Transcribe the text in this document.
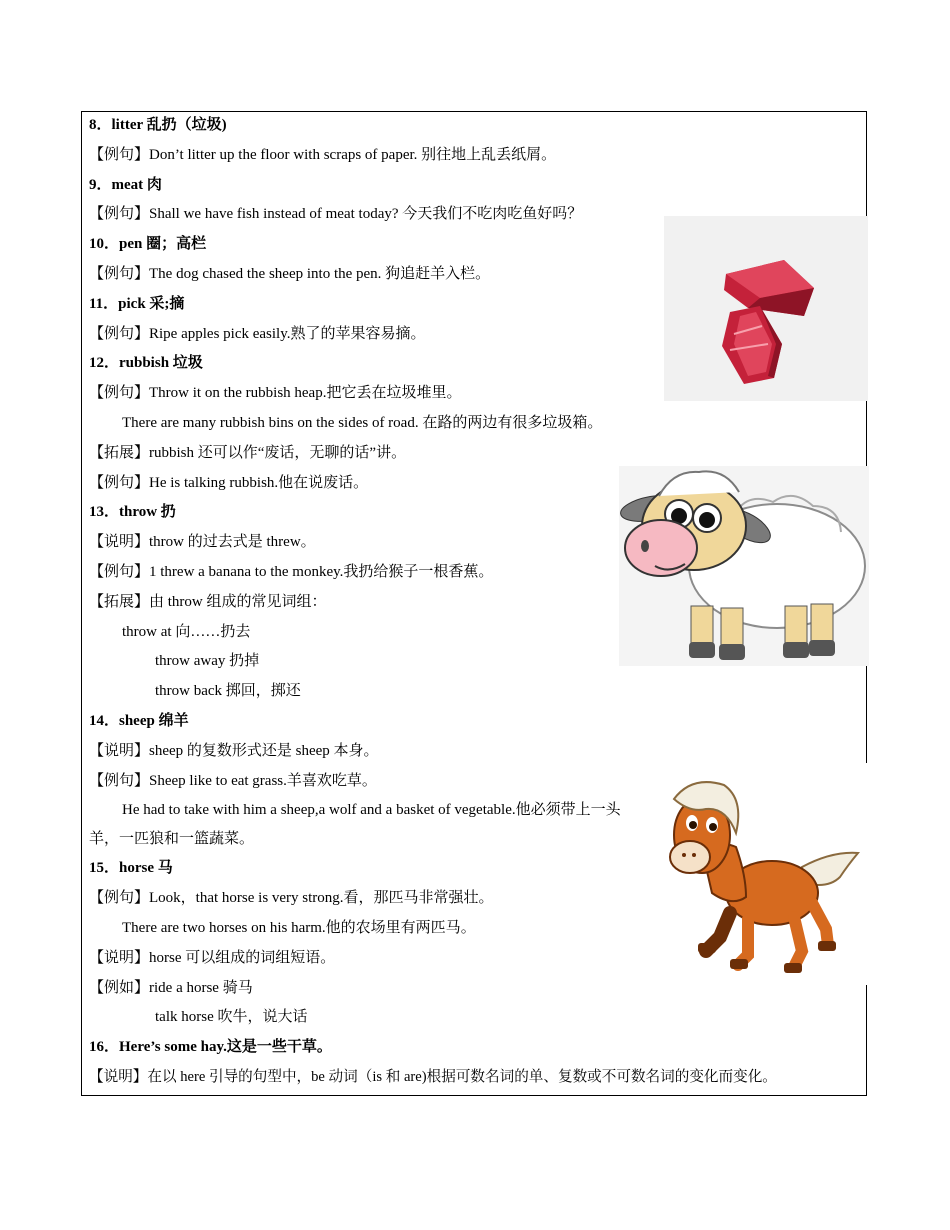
8．litter 乱扔（垃圾)
【例句】Don’t litter up the floor with scraps of paper. 别往地上乱丢纸屑。
9．meat 肉
【例句】Shall we have fish instead of meat today? 今天我们不吃肉吃鱼好吗？
10．pen 圈；高栏
【例句】The dog chased the sheep into the pen. 狗追赶羊入栏。
11．pick 采;摘
【例句】Ripe apples pick easily.熟了的苹果容易摘。
12．rubbish 垃圾
【例句】Throw it on the rubbish heap.把它丢在垃圾堆里。
There are many rubbish bins on the sides of road. 在路的两边有很多垃圾箱。
【拓展】rubbish 还可以作“废话，无聊的话”讲。
【例句】He is talking rubbish.他在说废话。
13．throw 扔
【说明】throw 的过去式是 threw。
【例句】1 threw a banana to the monkey.我扔给猴子一根香蕉。
【拓展】由 throw 组成的常见词组：
throw at 向……扔去
throw away 扔掉
throw back 掷回，掷还
14．sheep 绵羊
【说明】sheep 的复数形式还是 sheep 本身。
【例句】Sheep like to eat grass.羊喜欢吃草。
He had to take with him a sheep,a wolf and a basket of vegetable.他必须带上一头羊，一匹狼和一篮蔬菜。
15．horse 马
【例句】Look，that horse is very strong.看，那匹马非常强壮。
There are two horses on his harm.他的农场里有两匹马。
【说明】horse 可以组成的词组短语。
【例如】ride a horse 骑马
talk horse 吹牛，说大话
16．Here’s some hay.这是一些干草。
【说明】在以 here 引导的句型中，be 动词（is 和 are)根据可数名词的单、复数或不可数名词的变化而变化。
